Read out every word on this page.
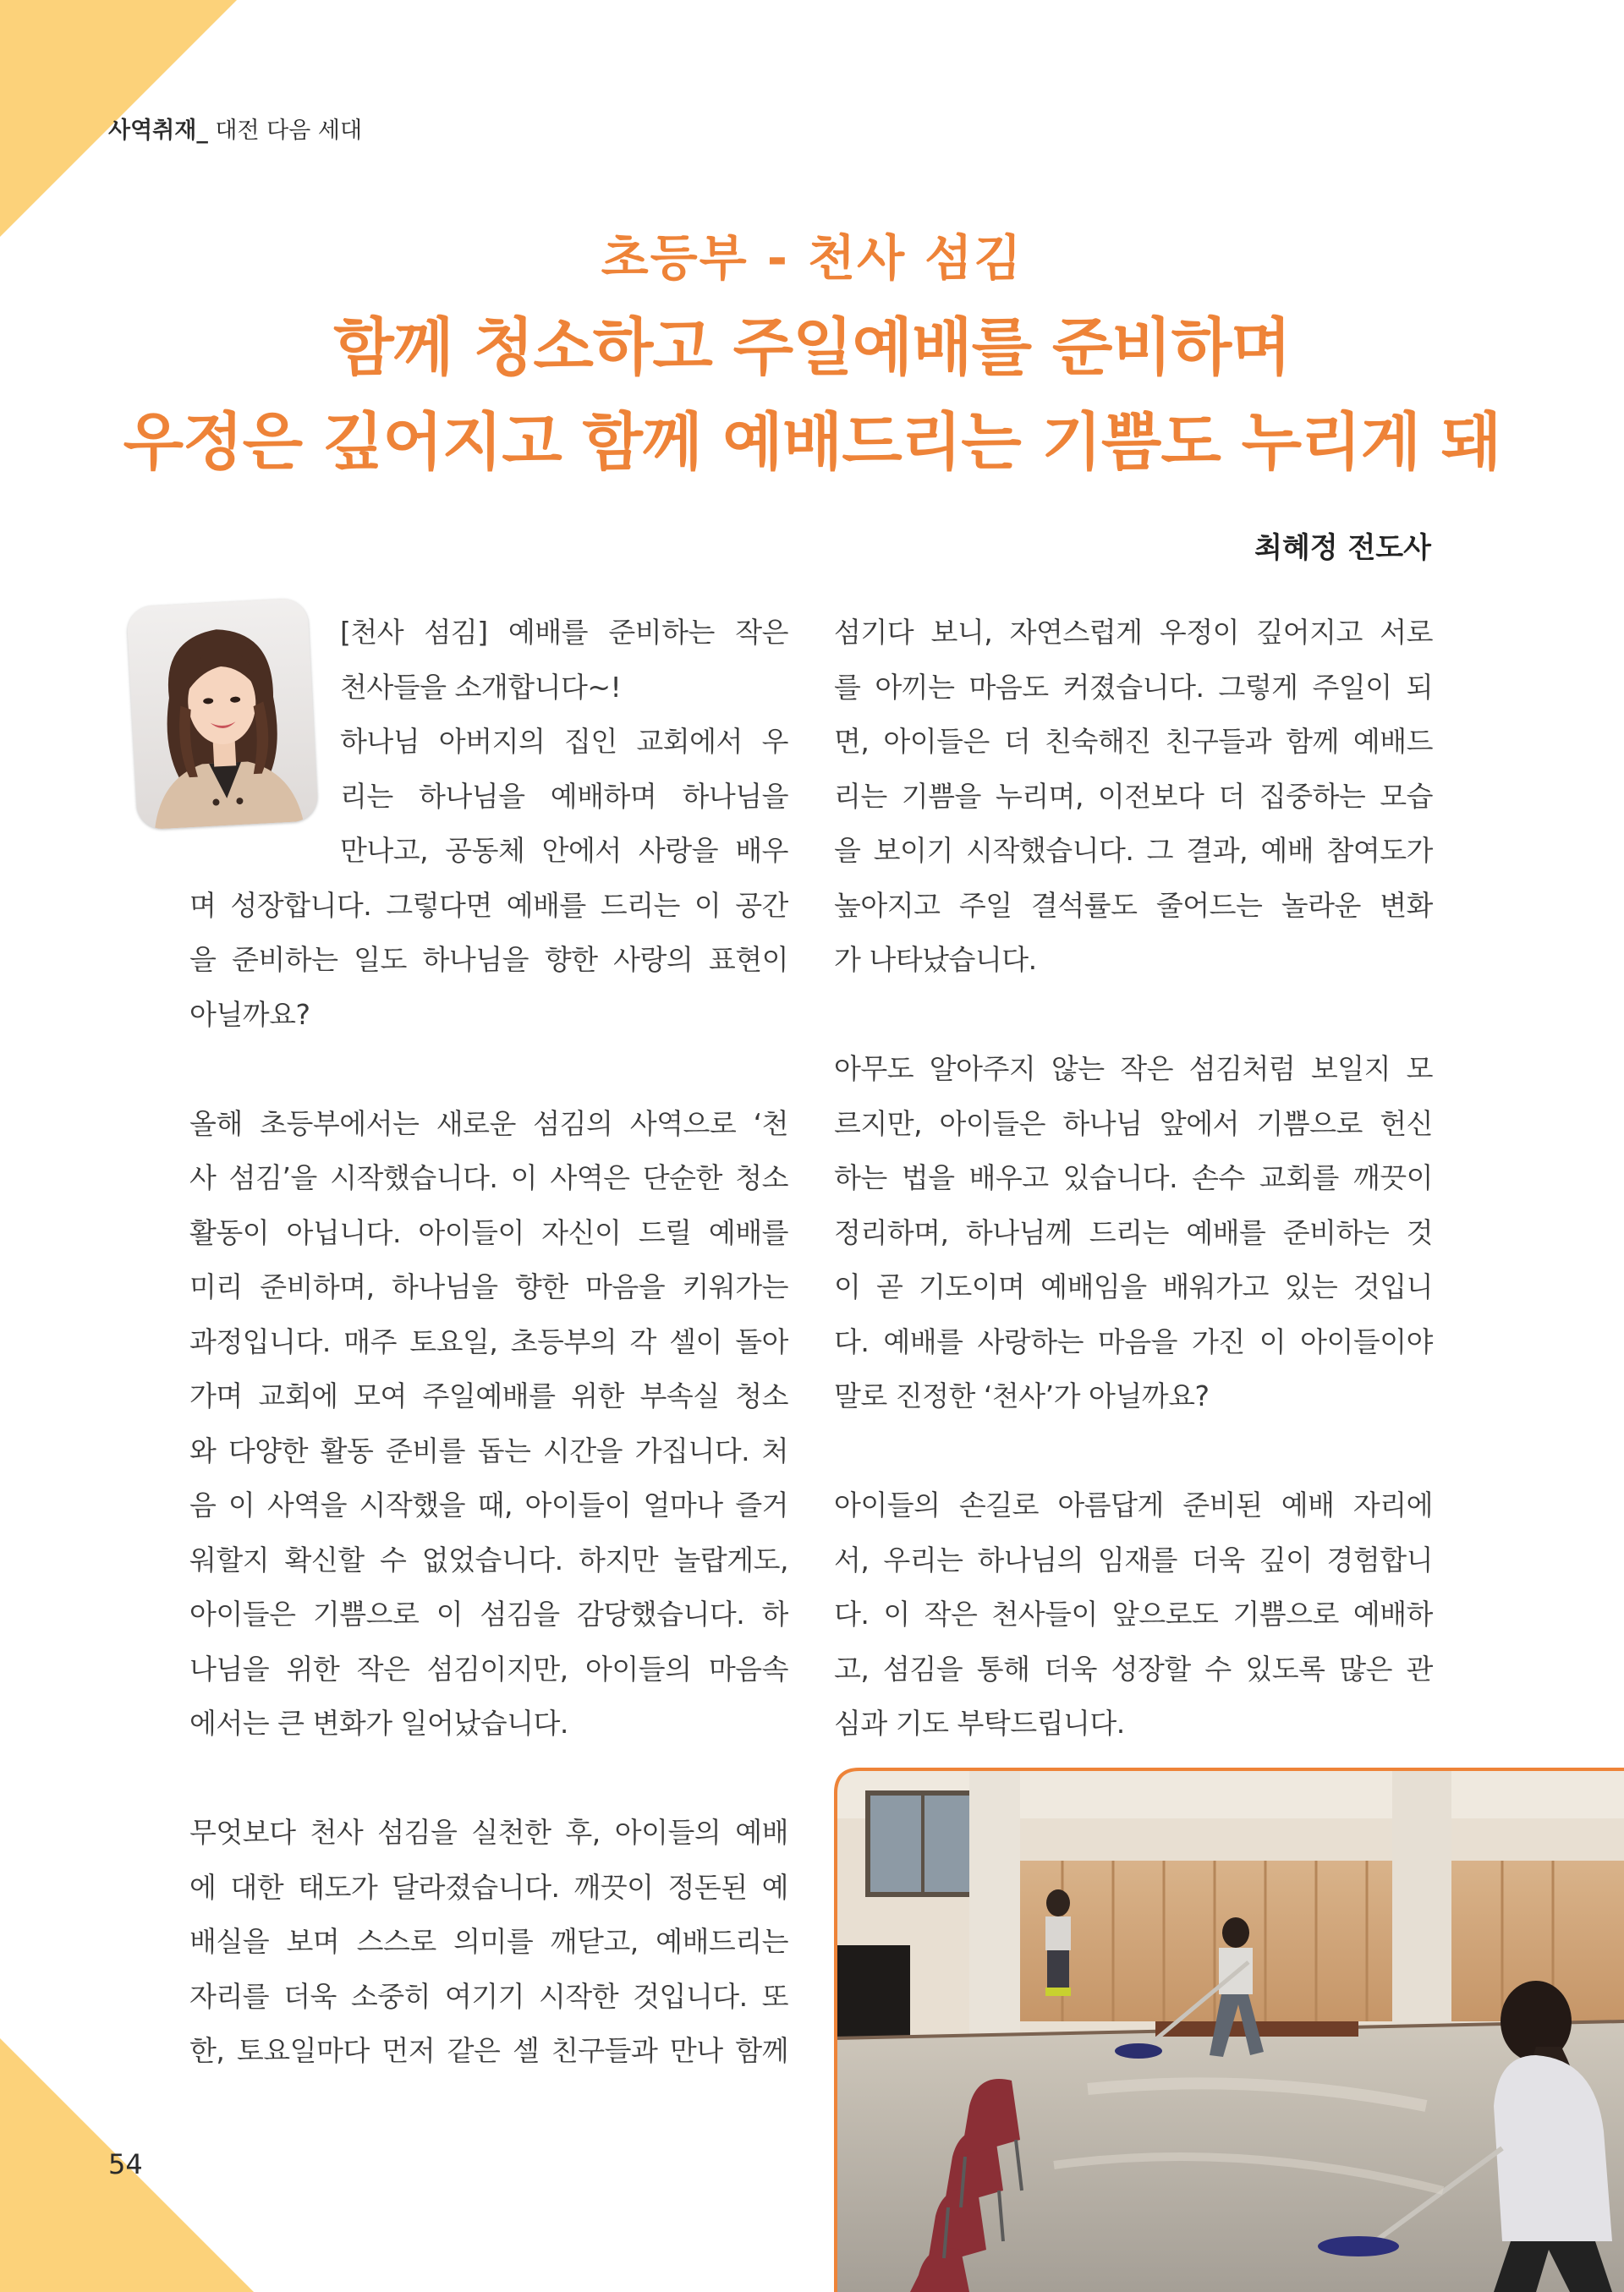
사역취재_ 대전 다음 세대
초등부 - 천사 섬김
함께 청소하고 주일예배를 준비하며
우정은 깊어지고 함께 예배드리는 기쁨도 누리게 돼
최혜정 전도사

[천사 섬김] 예배를 준비하는 작은
천사들을 소개합니다~!
하나님 아버지의 집인 교회에서 우
리는 하나님을 예배하며 하나님을
만나고, 공동체 안에서 사랑을 배우
며 성장합니다. 그렇다면 예배를 드리는 이 공간
을 준비하는 일도 하나님을 향한 사랑의 표현이
아닐까요?

올해 초등부에서는 새로운 섬김의 사역으로 ‘천
사 섬김’을 시작했습니다. 이 사역은 단순한 청소
활동이 아닙니다. 아이들이 자신이 드릴 예배를
미리 준비하며, 하나님을 향한 마음을 키워가는
과정입니다. 매주 토요일, 초등부의 각 셀이 돌아
가며 교회에 모여 주일예배를 위한 부속실 청소
와 다양한 활동 준비를 돕는 시간을 가집니다. 처
음 이 사역을 시작했을 때, 아이들이 얼마나 즐거
워할지 확신할 수 없었습니다. 하지만 놀랍게도,
아이들은 기쁨으로 이 섬김을 감당했습니다. 하
나님을 위한 작은 섬김이지만, 아이들의 마음속
에서는 큰 변화가 일어났습니다.

무엇보다 천사 섬김을 실천한 후, 아이들의 예배
에 대한 태도가 달라졌습니다. 깨끗이 정돈된 예
배실을 보며 스스로 의미를 깨닫고, 예배드리는
자리를 더욱 소중히 여기기 시작한 것입니다. 또
한, 토요일마다 먼저 같은 셀 친구들과 만나 함께

섬기다 보니, 자연스럽게 우정이 깊어지고 서로
를 아끼는 마음도 커졌습니다. 그렇게 주일이 되
면, 아이들은 더 친숙해진 친구들과 함께 예배드
리는 기쁨을 누리며, 이전보다 더 집중하는 모습
을 보이기 시작했습니다. 그 결과, 예배 참여도가
높아지고 주일 결석률도 줄어드는 놀라운 변화
가 나타났습니다.

아무도 알아주지 않는 작은 섬김처럼 보일지 모
르지만, 아이들은 하나님 앞에서 기쁨으로 헌신
하는 법을 배우고 있습니다. 손수 교회를 깨끗이
정리하며, 하나님께 드리는 예배를 준비하는 것
이 곧 기도이며 예배임을 배워가고 있는 것입니
다. 예배를 사랑하는 마음을 가진 이 아이들이야
말로 진정한 ‘천사’가 아닐까요?

아이들의 손길로 아름답게 준비된 예배 자리에
서, 우리는 하나님의 임재를 더욱 깊이 경험합니
다. 이 작은 천사들이 앞으로도 기쁨으로 예배하
고, 섬김을 통해 더욱 성장할 수 있도록 많은 관
심과 기도 부탁드립니다.

54
